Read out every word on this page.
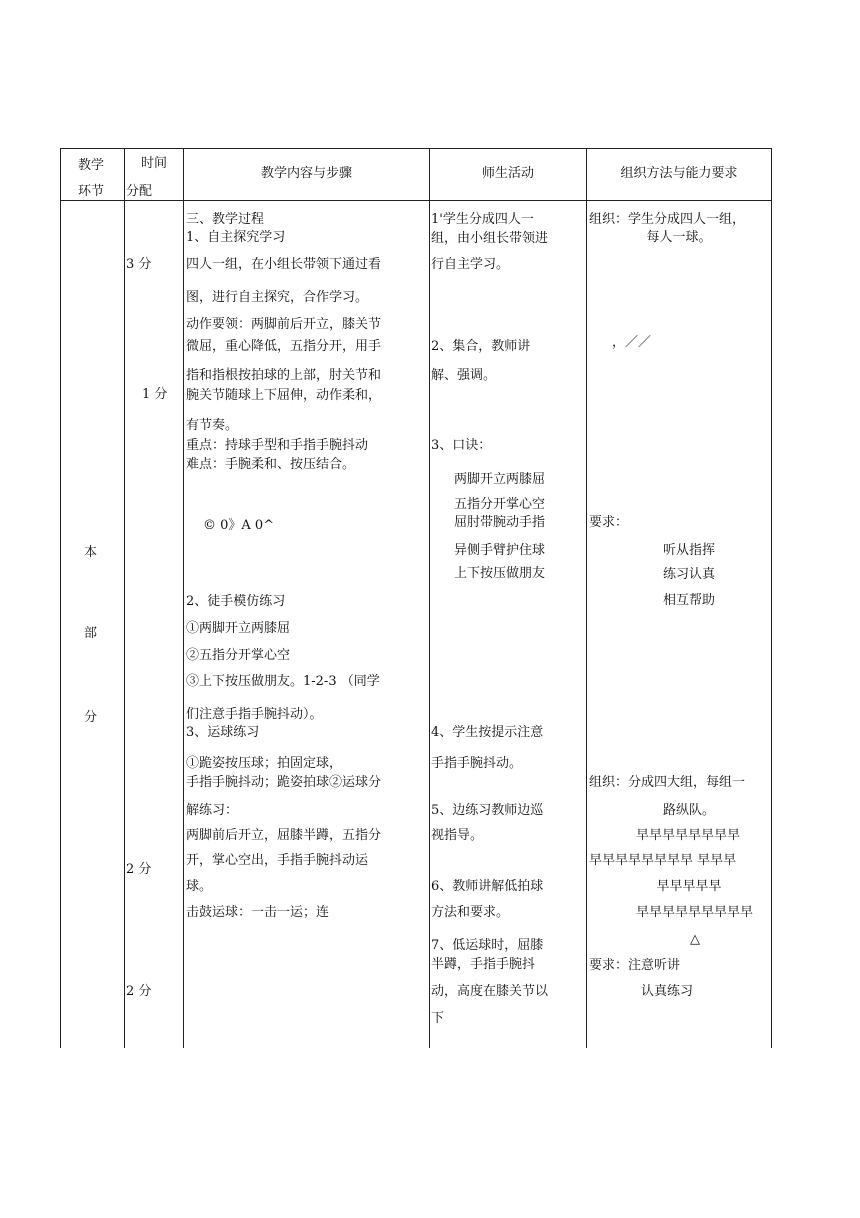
教学
环节
时间
分配
教学内容与步骤	师生活动	组织方法与能力要求
本
部
分
3 分
1 分
2 分
2 分
三、教学过程
1、自主探究学习
四人一组，在小组长带领下通过看
图，进行自主探究，合作学习。
动作要领：两脚前后开立，膝关节
微屈，重心降低，五指分开，用手
指和指根按拍球的上部，肘关节和
腕关节随球上下屈伸，动作柔和，
有节奏。
重点：持球手型和手指手腕抖动
难点：手腕柔和、按压结合。
© 0》A 0^
2、徒手模仿练习
①两脚开立两膝屈
②五指分开掌心空
③上下按压做朋友。1-2-3 （同学
们注意手指手腕抖动）。
3、运球练习
①跪姿按压球；拍固定球，
手指手腕抖动；跪姿拍球②运球分
解练习：
两脚前后开立，屈膝半蹲，五指分
开，掌心空出，手指手腕抖动运
球。
击鼓运球：一击一运；连
1'学生分成四人一
组，由小组长带领进
行自主学习。
2、集合，教师讲
解、强调。
3、口诀：
两脚开立两膝屈
五指分开掌心空
屈肘带腕动手指
异侧手臂护住球
上下按压做朋友
4、学生按提示注意
手指手腕抖动。
5、边练习教师边巡
视指导。
6、教师讲解低拍球
方法和要求。
7、低运球时，屈膝
半蹲，手指手腕抖
动，高度在膝关节以
下
组织：学生分成四人一组，
每人一球。
，／／
要求：
听从指挥
练习认真
相互帮助
组织：分成四大组，每组一
路纵队。
早早早早早早早早
早早早早早早早早 早早早
早早早早早
早早早早早早早早早
△
要求：注意听讲
认真练习
